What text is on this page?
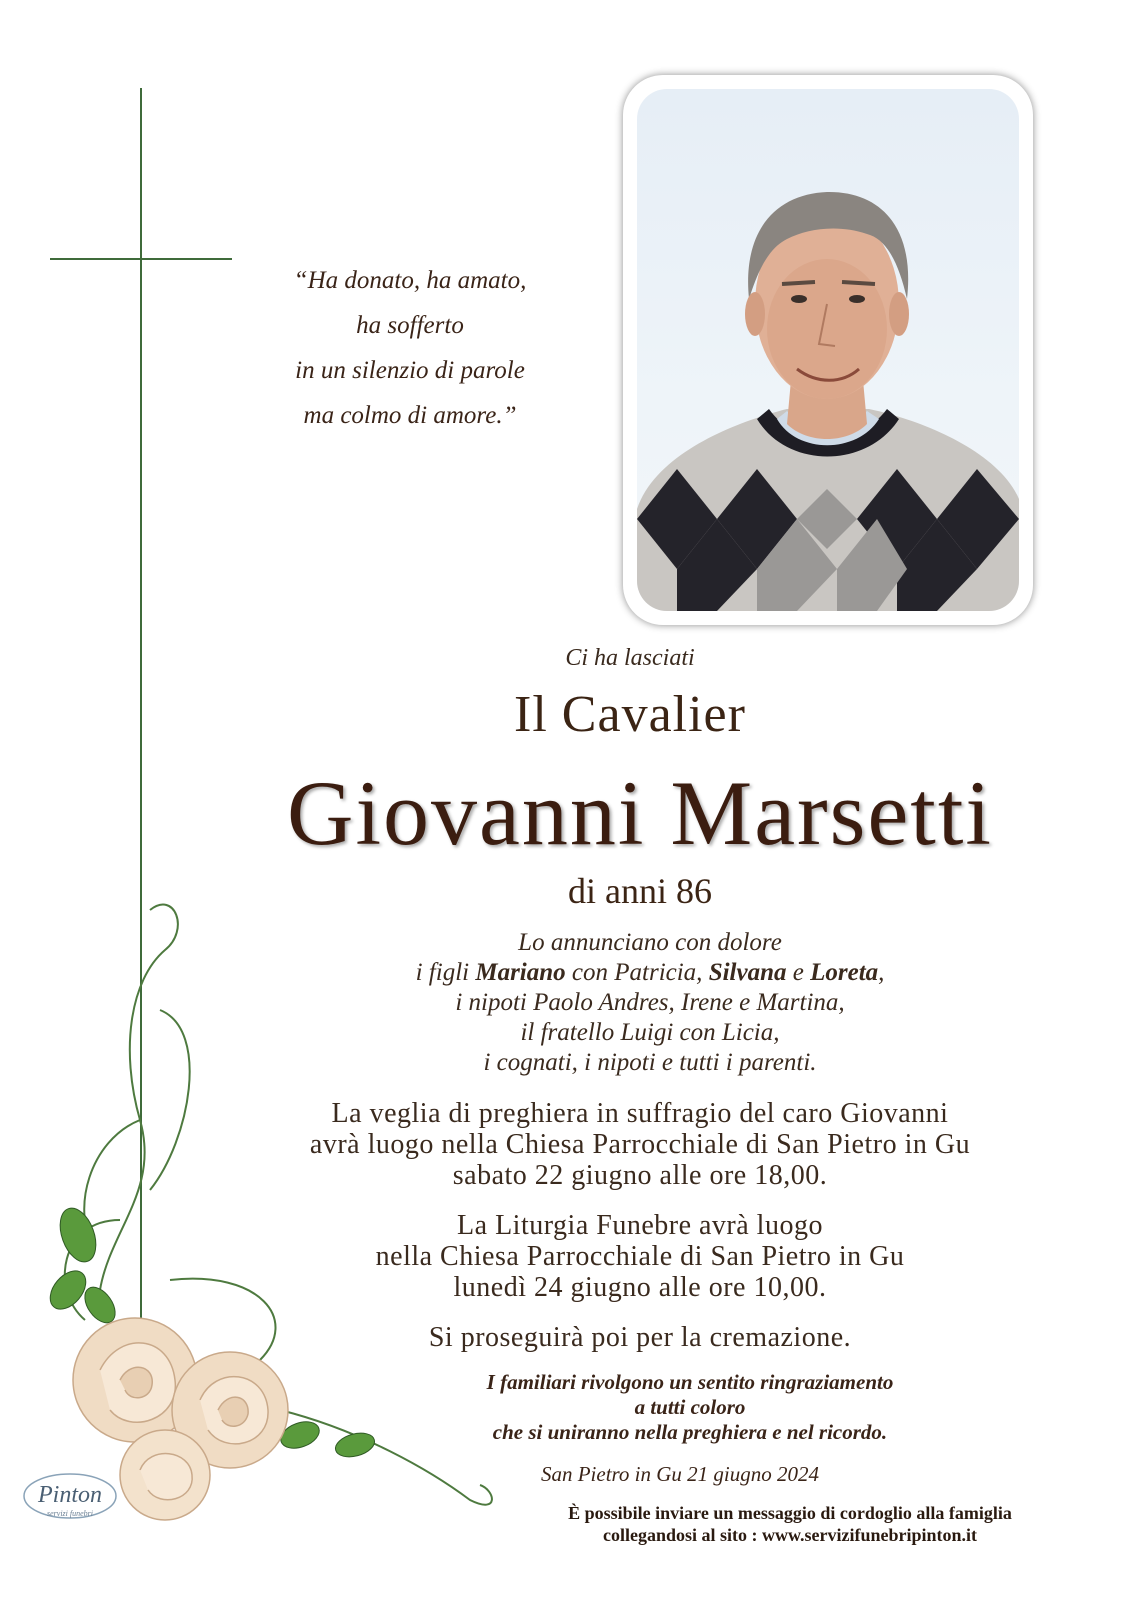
“Ha donato, ha amato,
ha sofferto
in un silenzio di parole
ma colmo di amore.”
Ci ha lasciati
Il Cavalier
Giovanni Marsetti
di anni 86
Lo annunciano con dolore
i figli Mariano con Patricia, Silvana e Loreta,
i nipoti Paolo Andres, Irene e Martina,
il fratello Luigi con Licia,
i cognati, i nipoti e tutti i parenti.
La veglia di preghiera in suffragio del caro Giovanni
avrà luogo nella Chiesa Parrocchiale di San Pietro in Gu
sabato 22 giugno alle ore 18,00.
La Liturgia Funebre avrà luogo
nella Chiesa Parrocchiale di San Pietro in Gu
lunedì 24 giugno alle ore 10,00.
Si proseguirà poi per la cremazione.
I familiari rivolgono un sentito ringraziamento
a tutti coloro
che si uniranno nella preghiera e nel ricordo.
San Pietro in Gu 21 giugno 2024
È possibile inviare un messaggio di cordoglio alla famiglia
collegandosi al sito : www.servizifunebripinton.it
Pinton
servizi funebri
